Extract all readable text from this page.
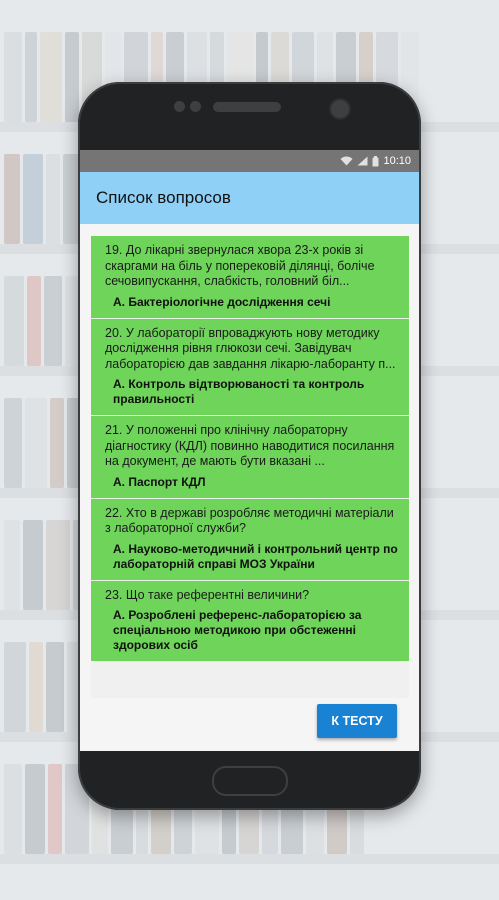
10:10
Список вопросов

19. До лікарні звернулася хвора 23-х років зі скаргами на біль у поперековій ділянці, боліче сечовипускання, слабкість, головний біл...

А. Бактеріологічне дослідження сечі

20. У лабораторії впроваджують нову методику дослідження рівня глюкози сечі. Завідувач лабораторією дав завдання лікарю-лаборанту п...

А. Контроль відтворюваності та контроль правильності

21. У положенні про клінічну лабораторну діагностику (КДЛ) повинно наводитися посилання на документ, де мають бути вказані ...

А. Паспорт КДЛ

22. Хто в державі розробляє методичні матеріали з лабораторної служби?

А. Науково-методичний і контрольний центр по лабораторній справі МОЗ України

23. Що таке референтні величини?

А. Розроблені референс-лабораторією за спеціальною методикою при обстеженні здорових осіб

К ТЕСТУ
